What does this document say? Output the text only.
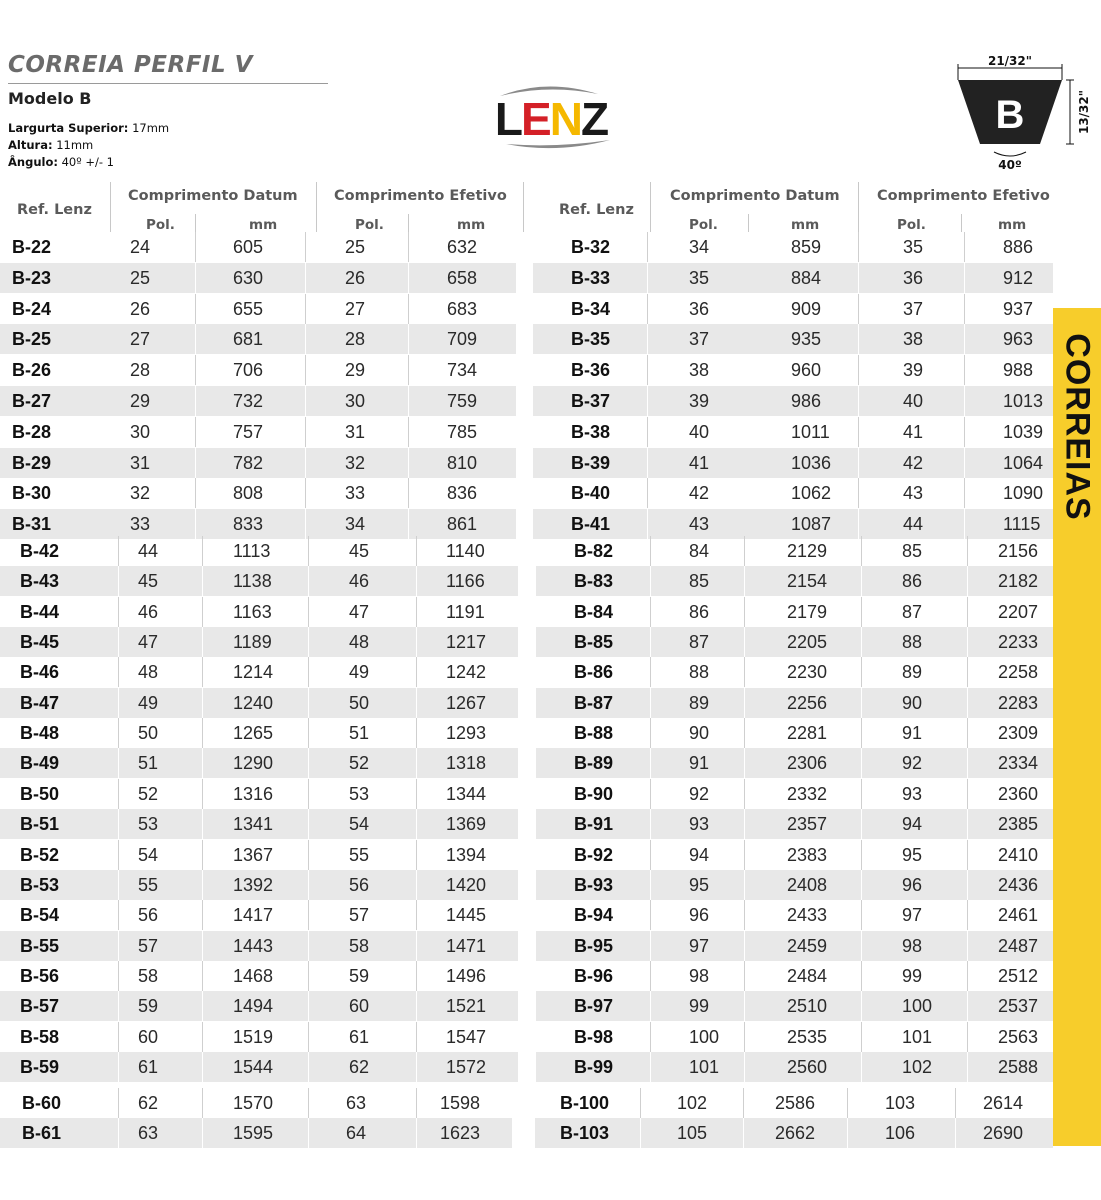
CORREIA PERFIL V
Modelo B
Largurta Superior: 17mm
Altura: 11mm
Ângulo: 40º +/- 1
LENZ
21/32"
B	13/32"
40º
CORREIAS
Ref. Lenz
Comprimento Datum	Comprimento Efetivo
Pol.	mm	Pol.	mm
Ref. Lenz
Comprimento Datum	Comprimento Efetivo
Pol.	mm	Pol.	mm
B-22	24	605	25	632
B-23	25	630	26	658
B-24	26	655	27	683
B-25	27	681	28	709
B-26	28	706	29	734
B-27	29	732	30	759
B-28	30	757	31	785
B-29	31	782	32	810
B-30	32	808	33	836
B-31	33	833	34	861
B-32	34	859	35	886
B-33	35	884	36	912
B-34	36	909	37	937
B-35	37	935	38	963
B-36	38	960	39	988
B-37	39	986	40	1013
B-38	40	1011	41	1039
B-39	41	1036	42	1064
B-40	42	1062	43	1090
B-41	43	1087	44	1115
B-42	44	1113	45	1140
B-43	45	1138	46	1166
B-44	46	1163	47	1191
B-45	47	1189	48	1217
B-46	48	1214	49	1242
B-47	49	1240	50	1267
B-48	50	1265	51	1293
B-49	51	1290	52	1318
B-50	52	1316	53	1344
B-51	53	1341	54	1369
B-52	54	1367	55	1394
B-53	55	1392	56	1420
B-54	56	1417	57	1445
B-55	57	1443	58	1471
B-56	58	1468	59	1496
B-57	59	1494	60	1521
B-58	60	1519	61	1547
B-59	61	1544	62	1572
B-82	84	2129	85	2156
B-83	85	2154	86	2182
B-84	86	2179	87	2207
B-85	87	2205	88	2233
B-86	88	2230	89	2258
B-87	89	2256	90	2283
B-88	90	2281	91	2309
B-89	91	2306	92	2334
B-90	92	2332	93	2360
B-91	93	2357	94	2385
B-92	94	2383	95	2410
B-93	95	2408	96	2436
B-94	96	2433	97	2461
B-95	97	2459	98	2487
B-96	98	2484	99	2512
B-97	99	2510	100	2537
B-98	100	2535	101	2563
B-99	101	2560	102	2588
B-60	62	1570	63	1598
B-61	63	1595	64	1623
B-100	102	2586	103	2614
B-103	105	2662	106	2690
